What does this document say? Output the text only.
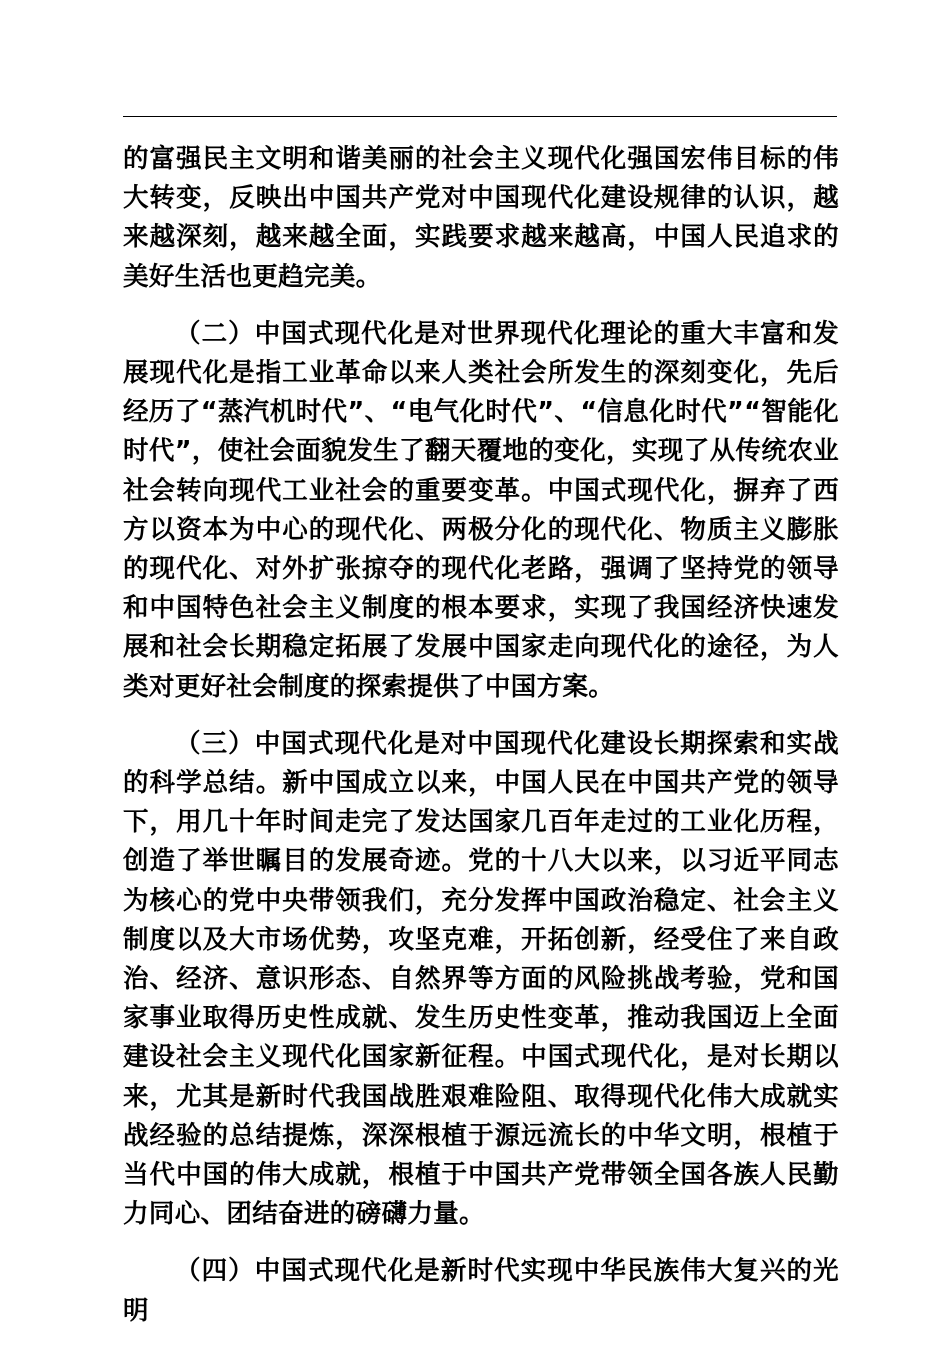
的富强民主文明和谐美丽的社会主义现代化强国宏伟目标的伟大转变，反映出中国共产党对中国现代化建设规律的认识，越来越深刻，越来越全面，实践要求越来越高，中国人民追求的美好生活也更趋完美。

（二）中国式现代化是对世界现代化理论的重大丰富和发展现代化是指工业革命以来人类社会所发生的深刻变化，先后经历了“蒸汽机时代”、“电气化时代”、“信息化时代”“智能化时代”，使社会面貌发生了翻天覆地的变化，实现了从传统农业社会转向现代工业社会的重要变革。中国式现代化，摒弃了西方以资本为中心的现代化、两极分化的现代化、物质主义膨胀的现代化、对外扩张掠夺的现代化老路，强调了坚持党的领导和中国特色社会主义制度的根本要求，实现了我国经济快速发展和社会长期稳定拓展了发展中国家走向现代化的途径，为人类对更好社会制度的探索提供了中国方案。

（三）中国式现代化是对中国现代化建设长期探索和实战的科学总结。新中国成立以来，中国人民在中国共产党的领导下，用几十年时间走完了发达国家几百年走过的工业化历程，创造了举世瞩目的发展奇迹。党的十八大以来，以习近平同志为核心的党中央带领我们，充分发挥中国政治稳定、社会主义制度以及大市场优势，攻坚克难，开拓创新，经受住了来自政治、经济、意识形态、自然界等方面的风险挑战考验，党和国家事业取得历史性成就、发生历史性变革，推动我国迈上全面建设社会主义现代化国家新征程。中国式现代化，是对长期以来，尤其是新时代我国战胜艰难险阻、取得现代化伟大成就实战经验的总结提炼，深深根植于源远流长的中华文明，根植于当代中国的伟大成就，根植于中国共产党带领全国各族人民勤力同心、团结奋进的磅礴力量。

（四）中国式现代化是新时代实现中华民族伟大复兴的光明
